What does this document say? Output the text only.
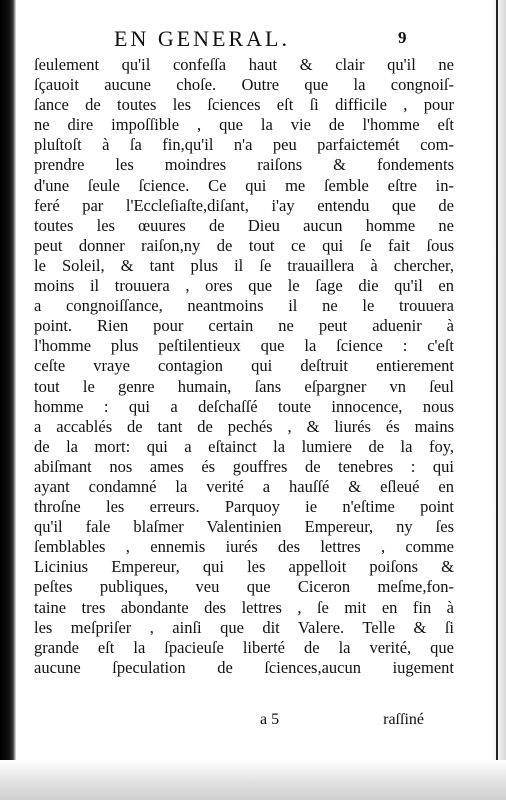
EN GENERAL.	9
ſeulement qu'il confeſſa haut & clair qu'il ne
ſçauoit aucune choſe. Outre que la congnoiſ-
ſance de toutes les ſciences eſt ſi difficile , pour
ne dire impoſſible , que la vie de l'homme eſt
pluſtoſt à ſa fin,qu'il n'a peu parfaictemét com-
prendre les moindres raiſons & fondements
d'une ſeule ſcience. Ce qui me ſemble eſtre in-
feré par l'Eccleſiaſte,diſant, i'ay entendu que de
toutes les œuures de Dieu aucun homme ne
peut donner raiſon,ny de tout ce qui ſe fait ſous
le Soleil, & tant plus il ſe trauaillera à chercher,
moins il trouuera , ores que le ſage die qu'il en
a congnoiſſance, neantmoins il ne le trouuera
point. Rien pour certain ne peut aduenir à
l'homme plus peſtilentieux que la ſcience : c'eſt
ceſte vraye contagion qui deſtruit entierement
tout le genre humain, ſans eſpargner vn ſeul
homme : qui a deſchaſſé toute innocence, nous
a accablés de tant de pechés , & liurés és mains
de la mort: qui a eſtainct la lumiere de la foy,
abiſmant nos ames és gouffres de tenebres : qui
ayant condamné la verité a hauſſé & eſleué en
throſne les erreurs. Parquoy ie n'eſtime point
qu'il fale blaſmer Valentinien Empereur, ny ſes
ſemblables , ennemis iurés des lettres , comme
Licinius Empereur, qui les appelloit poiſons &
peſtes publiques, veu que Ciceron meſme,fon-
taine tres abondante des lettres , ſe mit en fin à
les meſpriſer , ainſi que dit Valere. Telle & ſi
grande eſt la ſpacieuſe liberté de la verité, que
aucune ſpeculation de ſciences,aucun iugement
a 5	raſſiné
